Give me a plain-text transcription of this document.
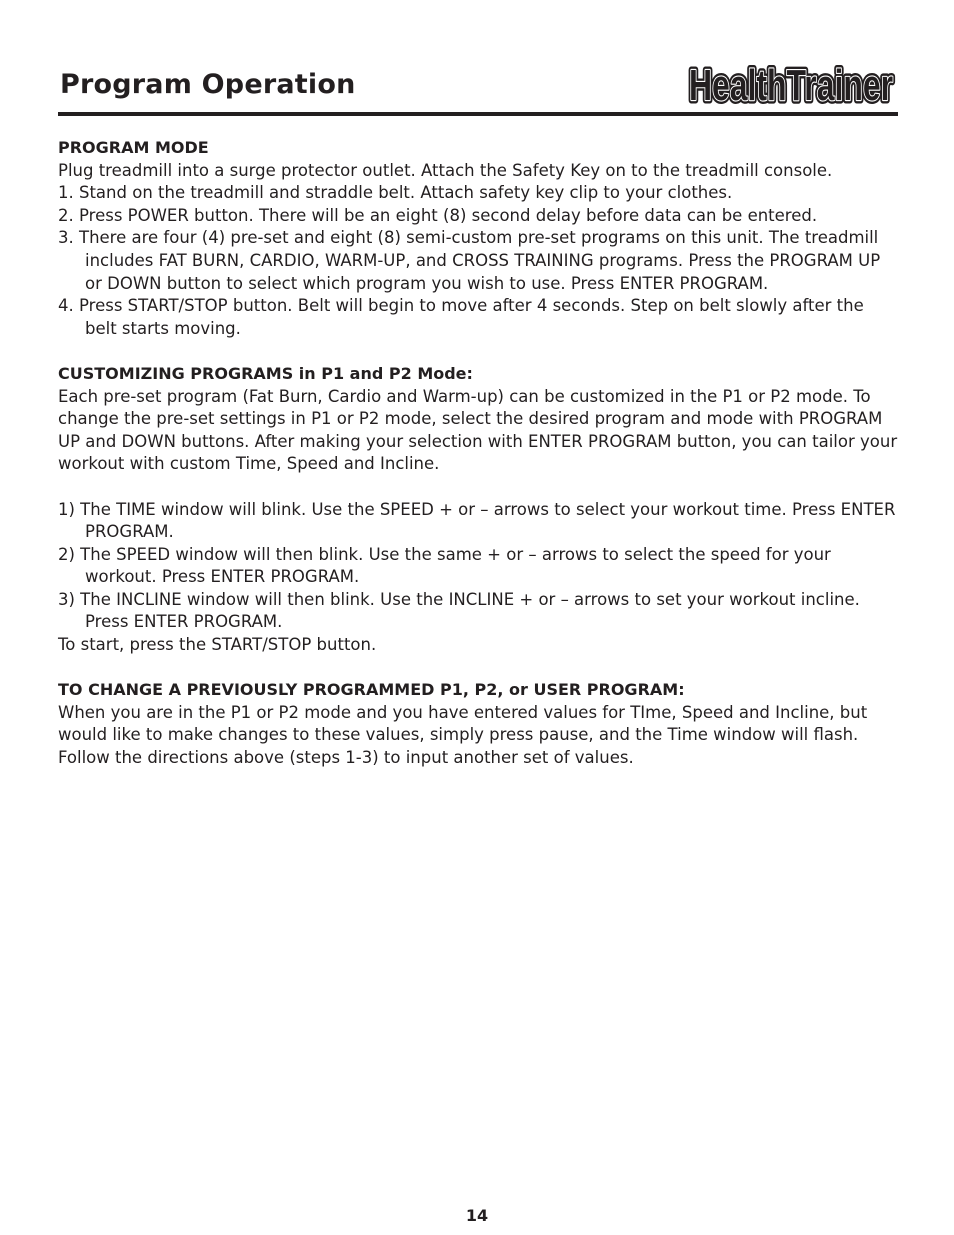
Program Operation	HealthTrainer
HealthTrainer
HealthTrainer

PROGRAM MODE

Plug treadmill into a surge protector outlet. Attach the Safety Key on to the treadmill console.

1. Stand on the treadmill and straddle belt. Attach safety key clip to your clothes.

2. Press POWER button. There will be an eight (8) second delay before data can be entered.

3. There are four (4) pre-set and eight (8) semi-custom pre-set programs on this unit. The treadmill includes FAT BURN, CARDIO, WARM-UP, and CROSS TRAINING programs. Press the PROGRAM UP or DOWN button to select which program you wish to use. Press ENTER PROGRAM.

4. Press START/STOP button. Belt will begin to move after 4 seconds. Step on belt slowly after the belt starts moving.

CUSTOMIZING PROGRAMS in P1 and P2 Mode:

Each pre-set program (Fat Burn, Cardio and Warm-up) can be customized in the P1 or P2 mode. To change the pre-set settings in P1 or P2 mode, select the desired program and mode with PROGRAM UP and DOWN buttons. After making your selection with ENTER PROGRAM button, you can tailor your workout with custom Time, Speed and Incline.

1) The TIME window will blink. Use the SPEED + or – arrows to select your workout time. Press ENTER PROGRAM.

2) The SPEED window will then blink. Use the same + or – arrows to select the speed for your workout. Press ENTER PROGRAM.

3) The INCLINE window will then blink. Use the INCLINE + or – arrows to set your workout incline. Press ENTER PROGRAM.

To start, press the START/STOP button.

TO CHANGE A PREVIOUSLY PROGRAMMED P1, P2, or USER PROGRAM:

When you are in the P1 or P2 mode and you have entered values for TIme, Speed and Incline, but would like to make changes to these values, simply press pause, and the Time window will flash. Follow the directions above (steps 1-3) to input another set of values.

14
